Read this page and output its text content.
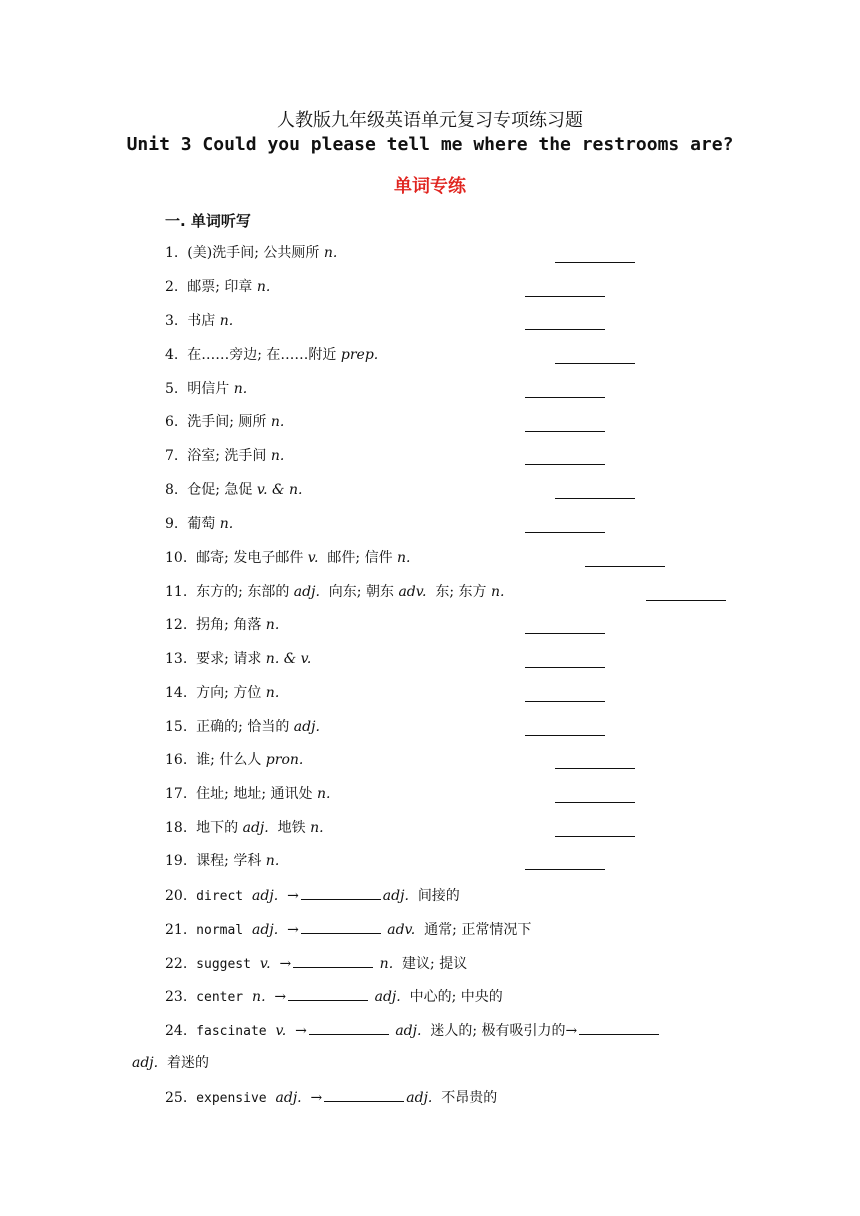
人教版九年级英语单元复习专项练习题
Unit 3 Could you please tell me where the restrooms are?
单词专练
一. 单词听写
1. (美)洗手间; 公共厕所 n.
2. 邮票; 印章 n.
3. 书店 n.
4. 在……旁边; 在……附近 prep.
5. 明信片 n.
6. 洗手间; 厕所 n.
7. 浴室; 洗手间 n.
8. 仓促; 急促 v. & n.
9. 葡萄 n.
10. 邮寄; 发电子邮件 v.  邮件; 信件 n.
11. 东方的; 东部的 adj.  向东; 朝东 adv.  东; 东方 n.
12. 拐角; 角落 n.
13. 要求; 请求 n. & v.
14. 方向; 方位 n.
15. 正确的; 恰当的 adj.
16. 谁; 什么人 pron.
17. 住址; 地址; 通讯处 n.
18. 地下的 adj.  地铁 n.
19. 课程; 学科 n.
20. direct adj. →	adj. 间接的
21. normal adj. →	adv. 通常; 正常情况下
22. suggest v. →	n. 建议; 提议
23. center n. →	adj. 中心的; 中央的
24. fascinate v. →	adj. 迷人的; 极有吸引力的→
adj. 着迷的
25. expensive adj. →	adj. 不昂贵的
